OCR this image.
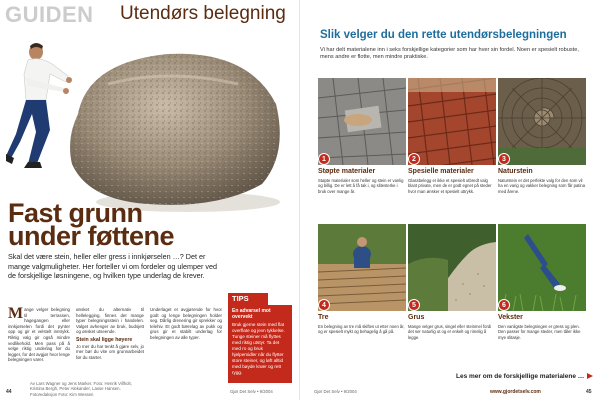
GUIDEN Utendørs belegning
Fast grunn
under føttene
Skal det være stein, heller eller gress i innkjørselen …? Det er mange valgmuligheter. Her forteller vi om fordeler og ulemper ved de forskjellige løsningene, og hvilken type underlag de krever.
M ange velger belegning til terrassen, hagegangen eller innkjørselen fordi det pynter opp og gir et velstelt inntrykk. Riktig valg gir også mindre vedlikehold. Men pass på å velge riktig underlag før du legger, for det avgjør hvor lenge belegningen varer.
ønsket du alternativ til hellelegging, finnes det mange typer belegningsstein i handelen. Valget avhenger av bruk, budsjett og ønsket utseende.
Stein skal ligge høyere
Jo mer du har tenkt å gjøre selv, jo mer bør du vite om grunnarbeidet før du starter.
Underlaget er avgjørende for hvor godt og lenge belegningen holder seg. Dårlig drenering gir sprekker og telehiv. Et godt bærelag av pukk og grus gir et stabilt underlag for belegningen av alle typer.
TIPS
En advarsel mot overvekt
Bruk gjerne stein med flat overflate og jevn tykkelse. Tunge steiner må flyttes med riktig utstyr. Ta det med ro og bruk hjelpemidler når du flytter store steiner, og løft alltid med bøyde knær og rett rygg.
Av Lars Wagner og Jens Marker. Foto: Henrik Villholt, Kristina Bergh, Peter Alekander, Lasse Hansen. Fotoredaksjon Foto: Kim Wessen
44	Gjør Det Selv • 9/2004
Slik velger du den rette utendørsbelegningen
Vi har delt materialene inn i seks forskjellige kategorier som har hver sin fordel. Noen er spesielt robuste, mens andre er flotte, men mindre praktiske.
1
Støpte materialer
Støpte materialer som heller og stein er vanlig og billig. De er lett å få tak i, og slitesterke i bruk over mange år.
2
Spesielle materialer
Glassbelegg er ikke et spesielt utbredt valg blant private, men de er godt egnet på steder hvor man ønsker et spesielt uttrykk.
3
Naturstein
Naturstein er det perfekte valg for den som vil ha en varig og vakker belegning som får patina med årene.
4
Tre
En belegning av tre må skiftes ut etter noen år, og er spesielt mykt og behagelig å gå på.
5
Grus
Mange velger grus, singel eller steinmel fordi det ser naturlig ut og er enkelt og rimelig å legge.
6
Vekster
Den vanligste belegningen er gress og plen. Den passer for mange steder, men tåler ikke mye slitasje.
Les mer om de forskjellige materialene …
Gjør Det Selv • 9/2004	www.gjordetselv.com	45
